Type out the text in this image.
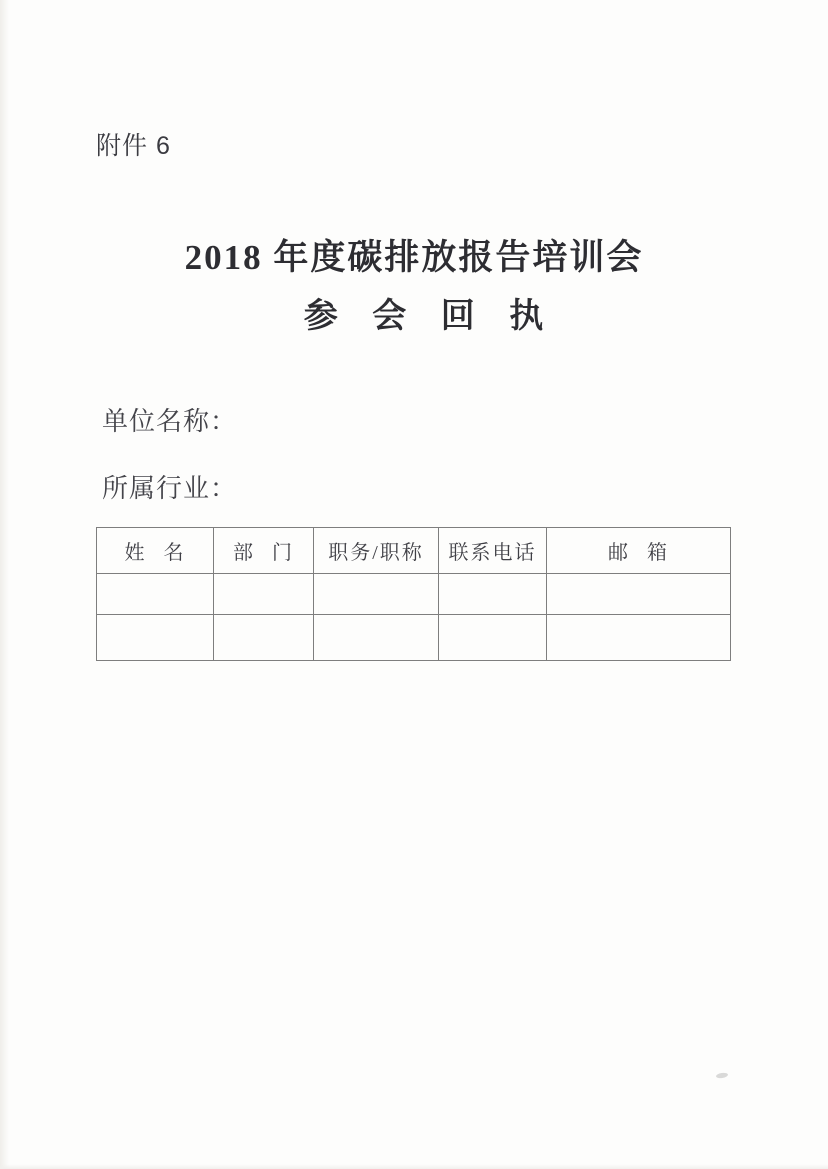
附件 6
2018 年度碳排放报告培训会
参 会 回 执
单位名称：
所属行业：
姓 名	部 门	职务/职称	联系电话	邮 箱
